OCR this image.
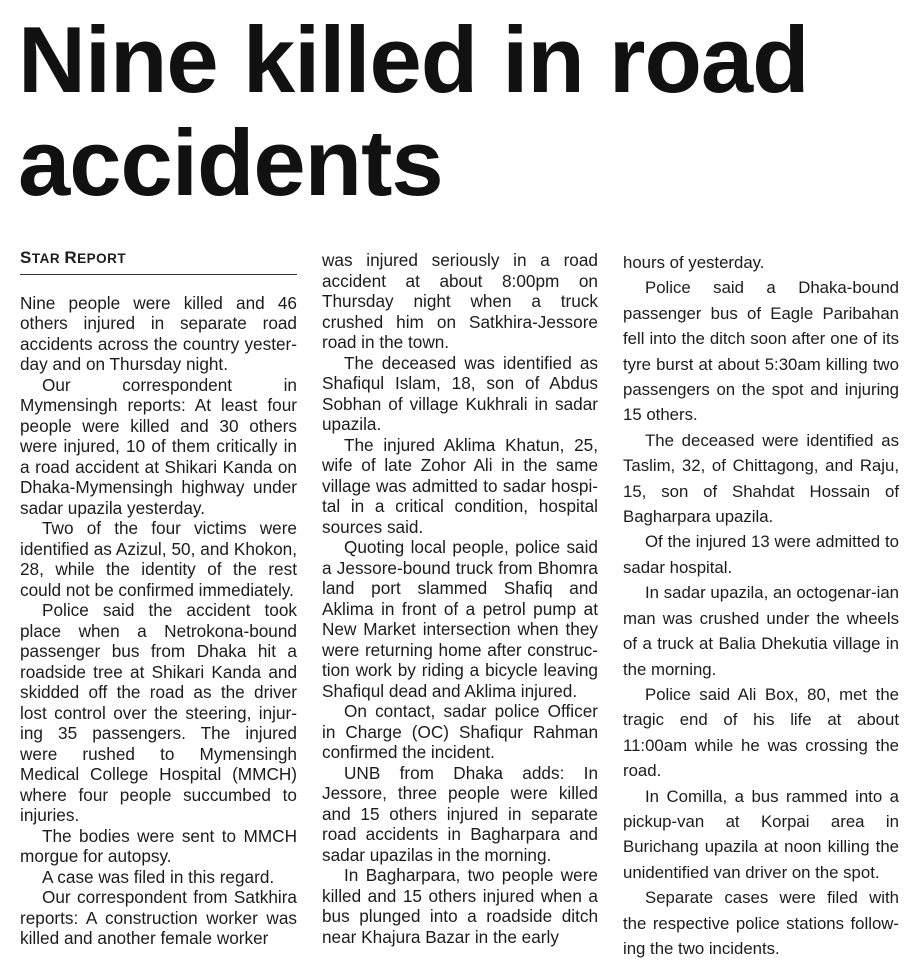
Nine killed in road accidents
STAR REPORT

Nine people were killed and 46 others injured in separate road accidents across the country yester-day and on Thursday night.

Our correspondent in Mymensingh reports: At least four people were killed and 30 others were injured, 10 of them critically in a road accident at Shikari Kanda on Dhaka-Mymensingh highway under sadar upazila yesterday.

Two of the four victims were identified as Azizul, 50, and Khokon, 28, while the identity of the rest could not be confirmed immediately.

Police said the accident took place when a Netrokona-bound passenger bus from Dhaka hit a roadside tree at Shikari Kanda and skidded off the road as the driver lost control over the steering, injur-ing 35 passengers. The injured were rushed to Mymensingh Medical College Hospital (MMCH) where four people succumbed to injuries.

The bodies were sent to MMCH morgue for autopsy.

A case was filed in this regard.

Our correspondent from Satkhira reports: A construction worker was killed and another female worker

was injured seriously in a road accident at about 8:00pm on Thursday night when a truck crushed him on Satkhira-Jessore road in the town.

The deceased was identified as Shafiqul Islam, 18, son of Abdus Sobhan of village Kukhrali in sadar upazila.

The injured Aklima Khatun, 25, wife of late Zohor Ali in the same village was admitted to sadar hospi-tal in a critical condition, hospital sources said.

Quoting local people, police said a Jessore-bound truck from Bhomra land port slammed Shafiq and Aklima in front of a petrol pump at New Market intersection when they were returning home after construc-tion work by riding a bicycle leaving Shafiqul dead and Aklima injured.

On contact, sadar police Officer in Charge (OC) Shafiqur Rahman confirmed the incident.

UNB from Dhaka adds: In Jessore, three people were killed and 15 others injured in separate road accidents in Bagharpara and sadar upazilas in the morning.

In Bagharpara, two people were killed and 15 others injured when a bus plunged into a roadside ditch near Khajura Bazar in the early

hours of yesterday.

Police said a Dhaka-bound passenger bus of Eagle Paribahan fell into the ditch soon after one of its tyre burst at about 5:30am killing two passengers on the spot and injuring 15 others.

The deceased were identified as Taslim, 32, of Chittagong, and Raju, 15, son of Shahdat Hossain of Bagharpara upazila.

Of the injured 13 were admitted to sadar hospital.

In sadar upazila, an octogenar-ian man was crushed under the wheels of a truck at Balia Dhekutia village in the morning.

Police said Ali Box, 80, met the tragic end of his life at about 11:00am while he was crossing the road.

In Comilla, a bus rammed into a pickup-van at Korpai area in Burichang upazila at noon killing the unidentified van driver on the spot.

Separate cases were filed with the respective police stations follow-ing the two incidents.
